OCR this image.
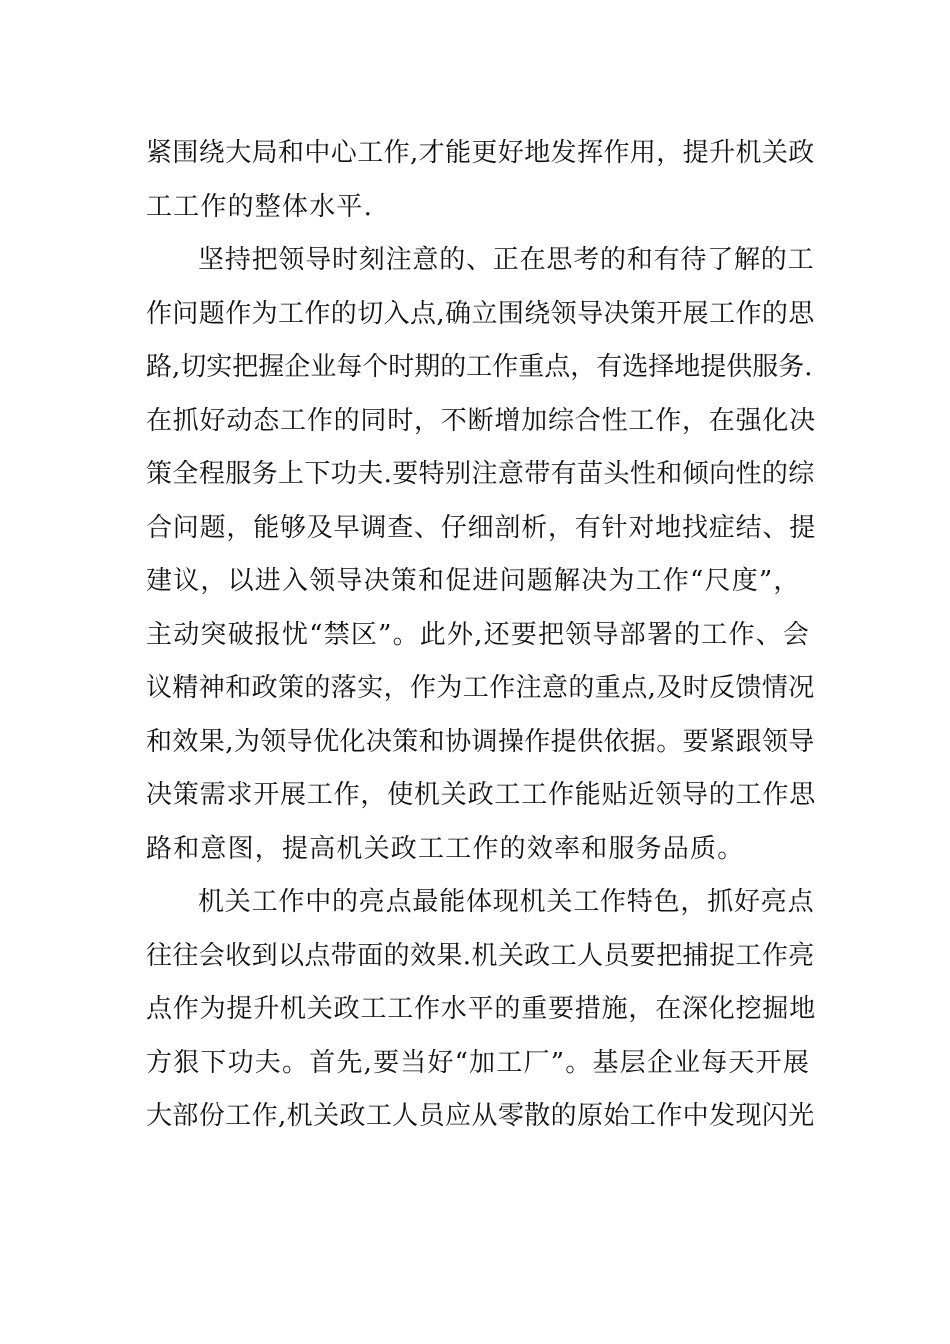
紧围绕大局和中心工作,才能更好地发挥作用，提升机关政
工工作的整体水平.
坚持把领导时刻注意的、正在思考的和有待了解的工
作问题作为工作的切入点,确立围绕领导决策开展工作的思
路,切实把握企业每个时期的工作重点，有选择地提供服务.
在抓好动态工作的同时，不断增加综合性工作，在强化决
策全程服务上下功夫.要特别注意带有苗头性和倾向性的综
合问题，能够及早调查、仔细剖析，有针对地找症结、提
建议，以进入领导决策和促进问题解决为工作“尺度”，
主动突破报忧“禁区”。此外,还要把领导部署的工作、会
议精神和政策的落实，作为工作注意的重点,及时反馈情况
和效果,为领导优化决策和协调操作提供依据。要紧跟领导
决策需求开展工作，使机关政工工作能贴近领导的工作思
路和意图，提高机关政工工作的效率和服务品质。
机关工作中的亮点最能体现机关工作特色，抓好亮点
往往会收到以点带面的效果.机关政工人员要把捕捉工作亮
点作为提升机关政工工作水平的重要措施，在深化挖掘地
方狠下功夫。首先,要当好“加工厂”。基层企业每天开展
大部份工作,机关政工人员应从零散的原始工作中发现闪光
